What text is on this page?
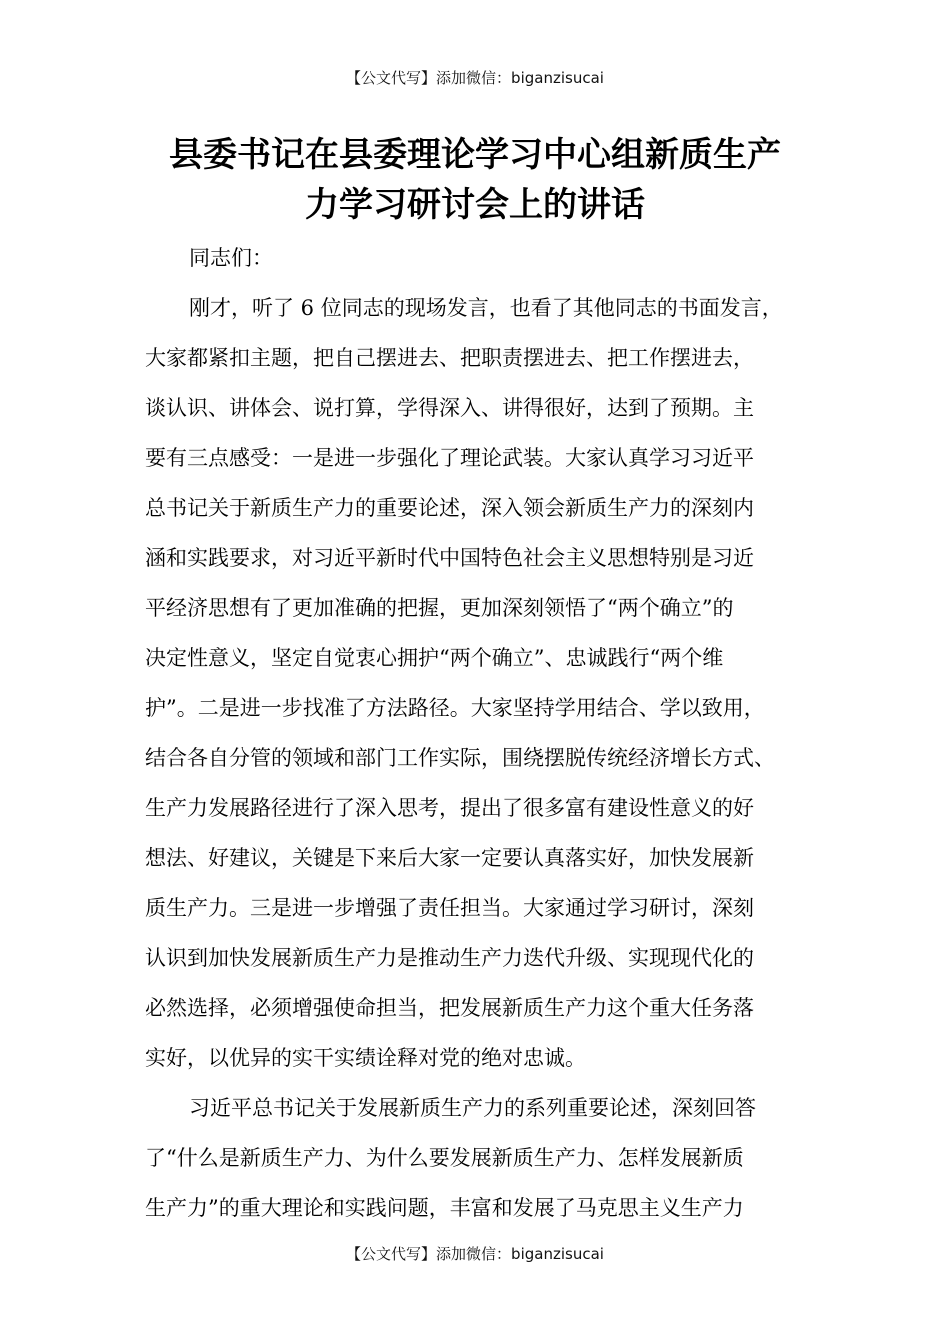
【公文代写】添加微信：biganzisucai
县委书记在县委理论学习中心组新质生产
力学习研讨会上的讲话
同志们：
刚才，听了 6 位同志的现场发言，也看了其他同志的书面发言，
大家都紧扣主题，把自己摆进去、把职责摆进去、把工作摆进去，
谈认识、讲体会、说打算，学得深入、讲得很好，达到了预期。主
要有三点感受：一是进一步强化了理论武装。大家认真学习习近平
总书记关于新质生产力的重要论述，深入领会新质生产力的深刻内
涵和实践要求，对习近平新时代中国特色社会主义思想特别是习近
平经济思想有了更加准确的把握，更加深刻领悟了“两个确立”的
决定性意义，坚定自觉衷心拥护“两个确立”、忠诚践行“两个维
护”。二是进一步找准了方法路径。大家坚持学用结合、学以致用，
结合各自分管的领域和部门工作实际，围绕摆脱传统经济增长方式、
生产力发展路径进行了深入思考，提出了很多富有建设性意义的好
想法、好建议，关键是下来后大家一定要认真落实好，加快发展新
质生产力。三是进一步增强了责任担当。大家通过学习研讨，深刻
认识到加快发展新质生产力是推动生产力迭代升级、实现现代化的
必然选择，必须增强使命担当，把发展新质生产力这个重大任务落
实好，以优异的实干实绩诠释对党的绝对忠诚。
习近平总书记关于发展新质生产力的系列重要论述，深刻回答
了“什么是新质生产力、为什么要发展新质生产力、怎样发展新质
生产力”的重大理论和实践问题，丰富和发展了马克思主义生产力
【公文代写】添加微信：biganzisucai
